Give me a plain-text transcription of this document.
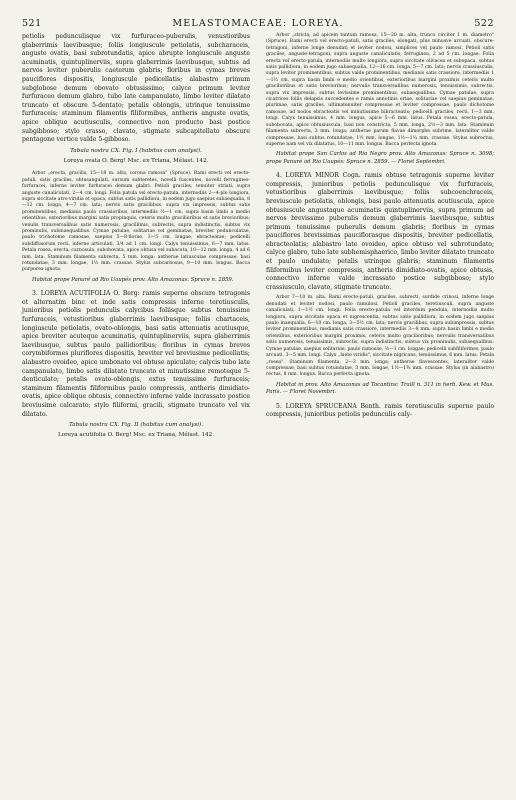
521	MELASTOMACEAE: LOREYA.	522

petiolis pedunculisque vix furfuraceo-puberulis, venustioribus glaberrimis laevibusque; foliis longiuscule petiolatis, subcharaceis, anguste ovatis, basi subrotundatis, apice abrupte longiuscule anguste acuminatis, quintuplinerviis, supra glaberrimis laevibusque, subtus ad nervos leviter puberulis caeterum glabris; floribus in cymas breves pauciflores dispositis, longiuscule pedicellatis; alabastro primum subglobose demum obovato obtusissimo; calyce primum leviter furfuraceo demum glabro, tubo late campanulato, limbo leviter dilatato truncato et obscure 5-dentato; petalis oblongis, utrinque tenuissime furfuraceis; staminum filamentis filiformibus, antheris anguste ovatis, apice oblique acutiusculis, connectivo non producto basi postice subgibboso; stylo crasso, clavato, stigmate subcapitellato obscure pentagone vertice valde 5-gibboso.

Tabula nostra CX. Fig. I (habitus cum analysi).

Loreya ovata O. Berg! Msc. ex Triana, Mélast. 142.

Arbor „erecta, gracilis, 15—18 m. alta, corona ramosa" (Spruce). Rami erecti vel erecto-patuli, satis graciles, obtusangulati, sursum subteretes, novelli fuscentes, novelli ferrugineo-furfuracei, inferne leviter furfuracei demum glabri. Petioli graciles, tenuiter striati, supra anguste canaliculati, 2—4 cm. longi. Folia patula vel erecto-patula, internodiis 2—4-plo longiora, supra siccitate atro-viridia et opaca, subtus satis pallidiora, in eodem jugo saepius subaequalia, 8—12 cm. longa, 4—7 cm. lata; nervis satis gracilibus, supra vix impressis, subtus satis prominentibus, medianis paulo crassioribus, intermediis ½—1 cm. supra basin limbi a medio orientibus, exterioribus margini satis propinquis, ceteris multo gracilioribus et satis brevioribus; venulis transversalibus satis numerosis, gracillimis, subrectis, supra indistinctis, subtus vix prominulis, subinaequalibus. Cymae patulae, solitariae vel geminatae, breviter pedunculatae, paulo trichotome ramosae, saepius 5—8-florae, 3—5 cm. longae, ebracteatae; pedicelli subdiffusorum recti, inferne articulati, 3/4 ad 1 cm. longi. Calyx tenuissimus, 6—7 mm. latus. Petala rosea, erecta, carnosula, subobovata, apice obtusa vel subacuta, 10—12 mm. longa, 4 ad 6 mm. lata. Staminum filamenta subrecta, 5 mm. longa; antherae latiusculae compressae, basi rotundatae, 3 mm. longae, 1½ mm. crassae. Stylus subcarnosus, 9—10 mm. longus. Bacca purpurea ignota.

Habitat prope Panuré ad Rio Uaupés prov. Alto Amazonas: Spruce n. 2859.

3. LOREYA ACUTIFOLIA O. Berg: ramis superne obscure tetragonis et alternatim binc et inde satis compressis inferne teretiusculis, junioribus petiolis pedunculis calycibus foliisque subtus tenuissime furfuraceis, vetustioribus glaberrimis laevibusque; foliis chartaceis, longiuscule petiolatis, ovato-oblongis, basi satis attenuatis acutiusque, apice breviter acuteque acuminatis, quintuplinerviis, supra glaberrimis laevibusque, subtus paulo pallidioribus; floribus in cymas breves corymbiformes pluriflores dispositis, breviter vel breviusime pedicellatis; alabastro ovoideo, apice umbonato vel obtuse apiculato; calycis tubo late campanulato, limbo satis dilatato truncato et minutissime remoteque 5-denticulato; petalis ovato-oblongis, extus tenuissime furfuraceis; staminum filamentis filiformibus paulo compressis, antheris dimidiato-ovatis, apice oblique obtusis, connectivo inferne valde incrassato postice breviusime calcarato; stylo filiformi, gracili, stigmate truncato vel vix dilatato.

Tabula nostra CX. Fig. II (habitus cum analysi).

Loreya acutifolia O. Berg! Msc. ex Triana, Mélast. 142.

Arbor „stricta, ad apicem tantum ramosa, 15—20 m. alta, trunco circiter 1 m. diametro" (Spruce). Rami erecti vel erecto-patuli, satis graciles, elongati, plus minusve arcuati, obscure-tetragoni, inferne longe denudati et leviter nodosi, simplices vel paulo ramosi. Petioli satis graciles, anguste-tetragoni, supra anguste canaliculatis, ferruginea, 2 ad 5 cm. longae. Folia erecta vel erecto-patula, internodiis multo longiora, supra siccitate olivacea et subopaca, subtus satis pallidiora, in eodem jugo subaequalia, 12—16 cm. longa, 5—7 cm. lata; nervis crassiusculis, supra leviter prominentibus, subtus valde prominentibus, medianis satis crassiore, intermediis 1—1½ cm. supra basin limbi e medio orientibus, exterioribus margini proximis ceteris multo gracilioribus et satis brevioribus; nervulis transversalibus numerosis, tenuissimis, subrectis, supra vix impressis, subtus levissime prominentibus, subaequalibus. Cymae patulae, supra cicatrices foliis delapsis succedentes e ramis annotinis ortae, solitariae vel saepius geminatae, plurimae, satis graciles, ultimatenuiter compressae et leviter compressae, paulo dichotome ramosae, ad nodos ebracteatis vel minutissime bibracteatis; pedicelli graciles, recti, 1—3 mm. longi. Calyx tenuissimus, 4 mm. longus, apice 5—6 mm. latus. Petala rosea, erecto-patula, subobovata, apice obtusiuscula, basi non constricta, 5 mm. longa, 2½—3 mm. lata. Staminum filamenta subrecta, 3 mm. longa; antherae parum flavae dimorphe subrime, lateraliter valde compressae, basi subtus rotundatae, 1½ mm. longae, 1½—1¼ mm. crassae. Stylus subrectus, superne nam vel vix dilatatus, 10—11 mm. longus. Bacca perfecta ignota.

Habitat prope San Carlos ad Rio Negro prov. Alto Amazonas: Spruce n. 3098; prope Panuré ad Rio Uaupés: Spruce n. 2859. — Floret Septembri.

4. LOREYA MINOR Cogn. ramis obtuse tetragonis superne leviter compressis, junioribus petiolis pedunculisque vix furfuraceis, vetustioribus glaberrimis laevibusque; foliis subcoenchraceis, breviuscule petiolatis, oblongis, basi paulo attenuatis acutiuscula, apice obtusiuscule angustaque acuminatis quintuplinerviis, supra primum ad nervos brevissime puberulis demum glaberrimis laevibusque, subtus primum tenuissime puberulis demum glabris; floribus in cymas pauciflores brevissimas pauciflorasque dispositis, breviter pedicellatis, ebracteolatis; alabastro late ovoideo, apice obtuso vel subrotundato; calyce glabro, tubo late subhemisphaerico, limbo leviter dilatato truncato et paulo undulato; petalis utrinque glabris; staminum filamentis filiformibus leviter compressis, antheris dimidiato-ovatis, apice obtusis, connectivo inferne valde incrassato postice subgibboso; stylo crassiusculo, clavato, stigmate truncato.

Arbor 7—10 m. alta. Rami erecto-patuli, graciles, subrecti, sordide crinosi, inferne longe denudati et leviter nodosi, paulo ramulosi. Petioli graciles, teretiusculi, supra anguste canaliculati, 1—1½ cm. longi. Folia erecto-patula vel interdum pendula, internodiis multo longiora, supra siccitate opaca et nigrescentia, subtus satis pallidiora, in eodem jugo saepius paulo inaequalia, 6—10 cm. longa, 3—5½ cm. lata; nervis gracilibus, supra subimpressis, subtus leviter prominentibus, medianis satis crassiore, intermediis 3—8 mm. supra basin limbi e medio orientibus, exterioribus margini proximis, ceteris multo gracilioribus; nervulis transversalibus satis numerosis, tenuissimis, subrectis, supra indistinctis, subtus vix prominulis, subaequalibus. Cymae patulae, saepius solitariae, paulo ramosae, ½—1 cm. longae; pedicelli subfiliformes, paulo arcuati, 3—5 mm. longi. Calyx „laete viridis", siccitate nigricans, tenuissimus, 6 mm. latus. Petala „rosea". Staminum filamenta, 2—3 mm. longa; antherae flavescentes, lateraliter valde compressae, basi subtus rotundatae, 3 mm. longae, 1½—1¾ mm. crassae. Stylus (in alabastro) rectus, 8 mm. longus. Bacca perfecta ignota.

Habitat in prov. Alto Amazonas ad Tocantins: Traill n. 311 in herb. Kew. et Mus. Paris. — Floret Novembri.

5. LOREYA SPRUCEANA Benth. ramis teretiusculis superne paulo compressis, junioribus petiolis pedunculis caly-
